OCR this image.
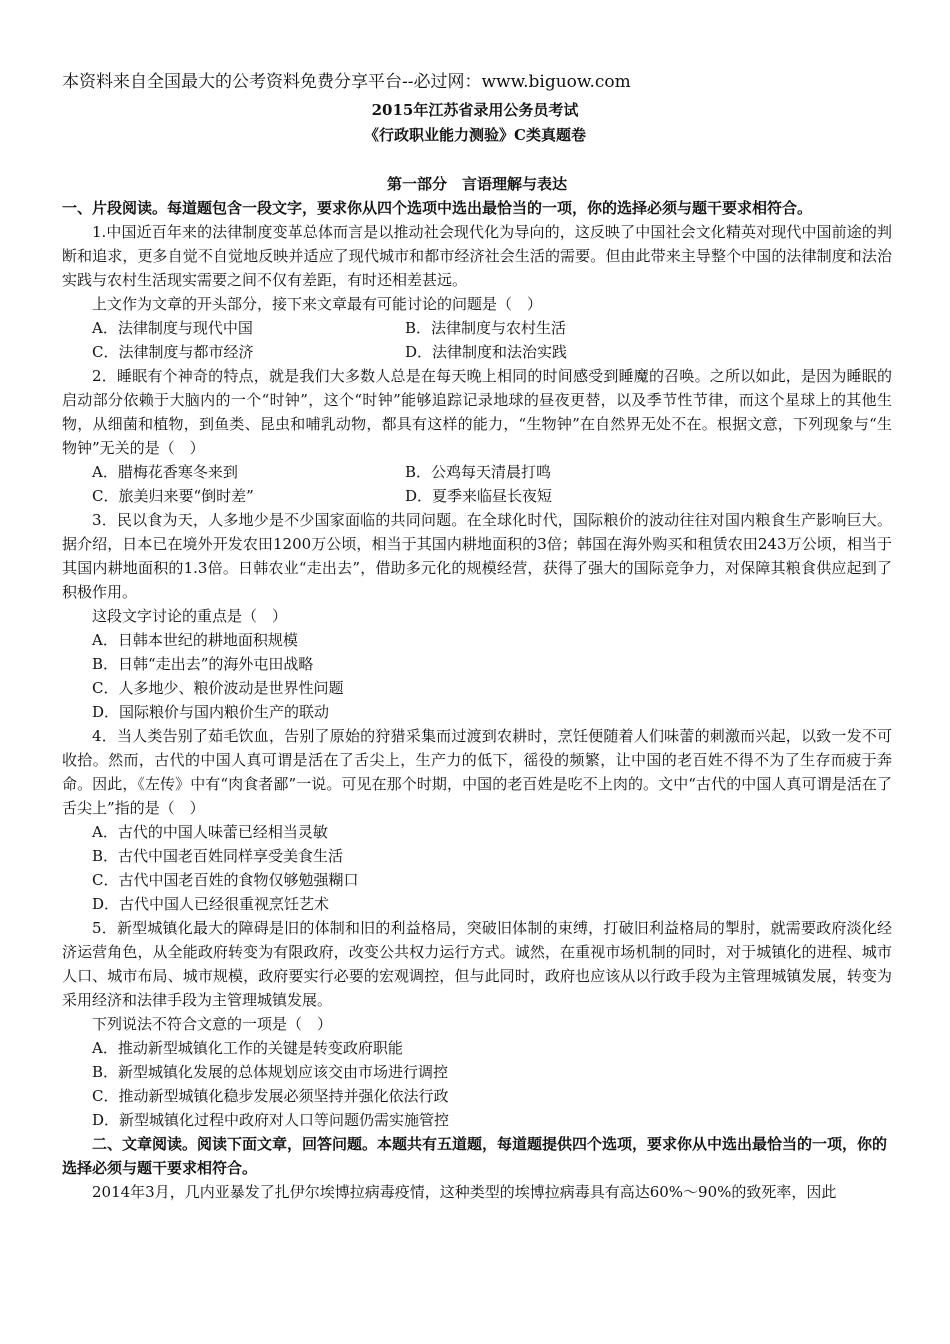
本资料来自全国最大的公考资料免费分享平台--必过网：www.biguow.com
2015年江苏省录用公务员考试
《行政职业能力测验》C类真题卷

第一部分　言语理解与表达

一、片段阅读。每道题包含一段文字，要求你从四个选项中选出最恰当的一项，你的选择必须与题干要求相符合。

1.中国近百年来的法律制度变革总体而言是以推动社会现代化为导向的，这反映了中国社会文化精英对现代中国前途的判断和追求，更多自觉不自觉地反映并适应了现代城市和都市经济社会生活的需要。但由此带来主导整个中国的法律制度和法治实践与农村生活现实需要之间不仅有差距，有时还相差甚远。

上文作为文章的开头部分，接下来文章最有可能讨论的问题是（　）

A．法律制度与现代中国	B．法律制度与农村生活
C．法律制度与都市经济	D．法律制度和法治实践

2．睡眠有个神奇的特点，就是我们大多数人总是在每天晚上相同的时间感受到睡魔的召唤。之所以如此，是因为睡眠的启动部分依赖于大脑内的一个“时钟”，这个“时钟”能够追踪记录地球的昼夜更替，以及季节性节律，而这个星球上的其他生物，从细菌和植物，到鱼类、昆虫和哺乳动物，都具有这样的能力，“生物钟”在自然界无处不在。根据文意，下列现象与“生物钟”无关的是（　）

A．腊梅花香寒冬来到	B．公鸡每天清晨打鸣
C．旅美归来要“倒时差”	D．夏季来临昼长夜短

3．民以食为天，人多地少是不少国家面临的共同问题。在全球化时代，国际粮价的波动往往对国内粮食生产影响巨大。据介绍，日本已在境外开发农田1200万公顷，相当于其国内耕地面积的3倍；韩国在海外购买和租赁农田243万公顷，相当于其国内耕地面积的1.3倍。日韩农业“走出去”，借助多元化的规模经营，获得了强大的国际竞争力，对保障其粮食供应起到了积极作用。

这段文字讨论的重点是（　）

A．日韩本世纪的耕地面积规模

B．日韩“走出去”的海外屯田战略

C．人多地少、粮价波动是世界性问题

D．国际粮价与国内粮价生产的联动

4．当人类告别了茹毛饮血，告别了原始的狩猎采集而过渡到农耕时，烹饪便随着人们味蕾的刺激而兴起，以致一发不可收拾。然而，古代的中国人真可谓是活在了舌尖上，生产力的低下，徭役的频繁，让中国的老百姓不得不为了生存而疲于奔命。因此，《左传》中有“肉食者鄙”一说。可见在那个时期，中国的老百姓是吃不上肉的。文中“古代的中国人真可谓是活在了舌尖上”指的是（　）

A．古代的中国人味蕾已经相当灵敏

B．古代中国老百姓同样享受美食生活

C．古代中国老百姓的食物仅够勉强糊口

D．古代中国人已经很重视烹饪艺术

5．新型城镇化最大的障碍是旧的体制和旧的利益格局，突破旧体制的束缚，打破旧利益格局的掣肘，就需要政府淡化经济运营角色，从全能政府转变为有限政府，改变公共权力运行方式。诚然，在重视市场机制的同时，对于城镇化的进程、城市人口、城市布局、城市规模，政府要实行必要的宏观调控，但与此同时，政府也应该从以行政手段为主管理城镇发展，转变为采用经济和法律手段为主管理城镇发展。

下列说法不符合文意的一项是（　）

A．推动新型城镇化工作的关键是转变政府职能

B．新型城镇化发展的总体规划应该交由市场进行调控

C．推动新型城镇化稳步发展必须坚持并强化依法行政

D．新型城镇化过程中政府对人口等问题仍需实施管控

二、文章阅读。阅读下面文章，回答问题。本题共有五道题，每道题提供四个选项，要求你从中选出最恰当的一项，你的选择必须与题干要求相符合。

2014年3月，几内亚暴发了扎伊尔埃博拉病毒疫情，这种类型的埃博拉病毒具有高达60%～90%的致死率，因此
